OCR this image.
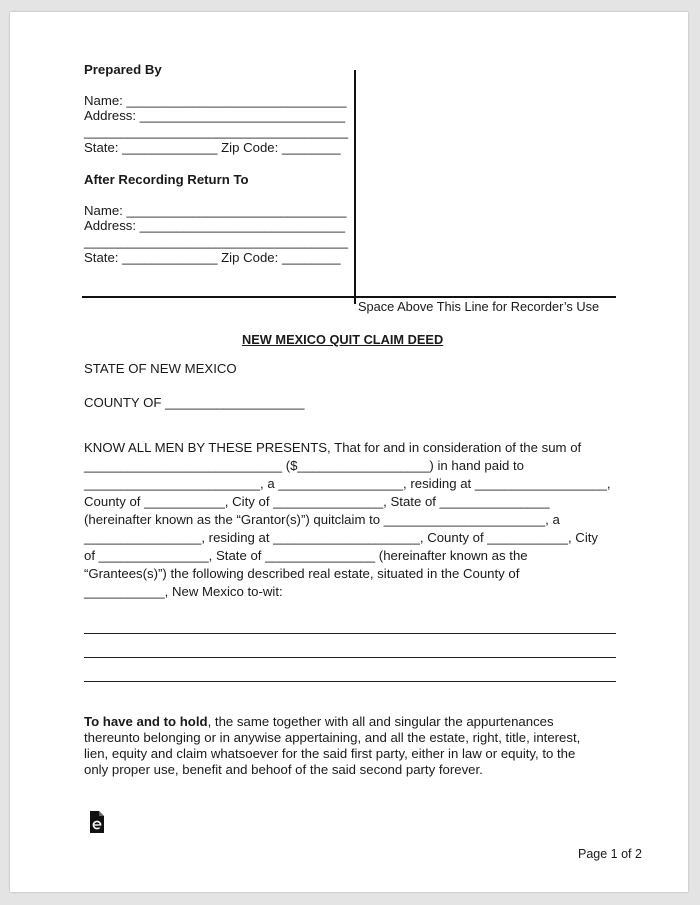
Prepared By
Name: ______________________________
Address: ____________________________
____________________________________
State: _____________ Zip Code: ________
After Recording Return To
Name: ______________________________
Address: ____________________________
____________________________________
State: _____________ Zip Code: ________
Space Above This Line for Recorder’s Use
NEW MEXICO QUIT CLAIM DEED
STATE OF NEW MEXICO
COUNTY OF ___________________
KNOW ALL MEN BY THESE PRESENTS, That for and in consideration of the sum of
___________________________ ($__________________) in hand paid to
________________________, a _________________, residing at __________________,
County of ___________, City of _______________, State of _______________
(hereinafter known as the “Grantor(s)”) quitclaim to ______________________, a
________________, residing at ____________________, County of ___________, City
of _______________, State of _______________ (hereinafter known as the
“Grantees(s)”) the following described real estate, situated in the County of
___________, New Mexico to-wit:
To have and to hold, the same together with all and singular the appurtenances
thereunto belonging or in anywise appertaining, and all the estate, right, title, interest,
lien, equity and claim whatsoever for the said first party, either in law or equity, to the
only proper use, benefit and behoof of the said second party forever.
Page 1 of 2
